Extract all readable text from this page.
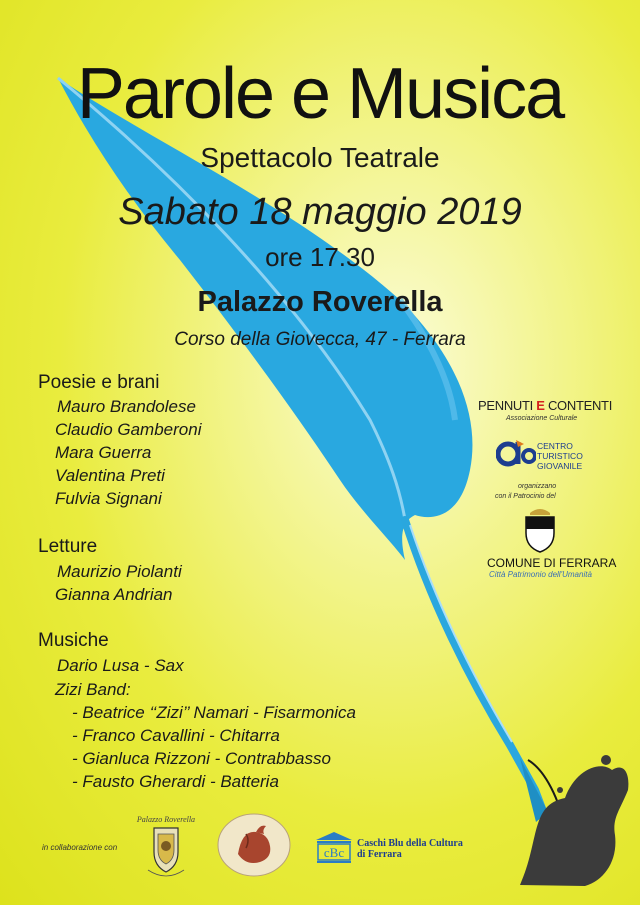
Parole e Musica
Spettacolo Teatrale
Sabato 18 maggio 2019
ore 17.30
Palazzo Roverella
Corso della Giovecca, 47 - Ferrara
Poesie e brani
Mauro Brandolese
Claudio Gamberoni
Mara Guerra
Valentina Preti
Fulvia Signani
Letture
Maurizio Piolanti
Gianna Andrian
Musiche
Dario Lusa - Sax
Zizi Band:
- Beatrice ‘‘Zizi’’ Namari - Fisarmonica
- Franco Cavallini - Chitarra
- Gianluca Rizzoni - Contrabbasso
- Fausto Gherardi - Batteria
PENNUTI E CONTENTI
Associazione Culturale
CENTRO TURISTICO GIOVANILE
organizzano
con il Patrocinio del
COMUNE DI FERRARA
Città Patrimonio dell'Umanità
in collaborazione con
Palazzo Roverella
cBc
Caschi Blu della Cultura di Ferrara
